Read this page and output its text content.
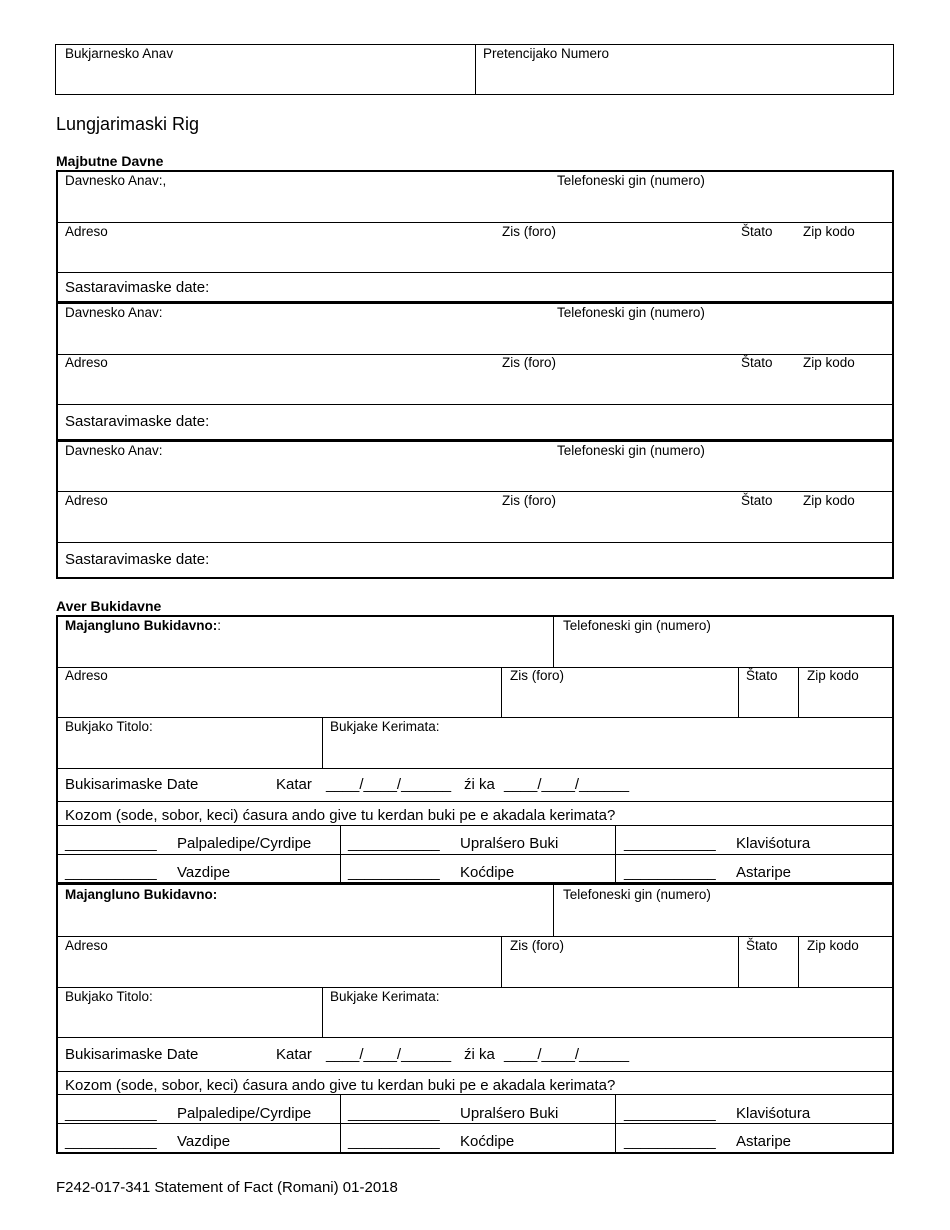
Bukjarnesko Anav	Pretencijako Numero
Lungjarimaski Rig
Majbutne Davne
Davnesko Anav:,	Telefoneski gin (numero)
Adreso	Zis (foro)	Štato Zip kodo
Sastaravimaske date:
Davnesko Anav:	Telefoneski gin (numero)
Adreso	Zis (foro)	Štato Zip kodo
Sastaravimaske date:
Davnesko Anav:	Telefoneski gin (numero)
Adreso	Zis (foro)	Štato Zip kodo
Sastaravimaske date:
Aver Bukidavne
Majangluno Bukidavno::	Telefoneski gin (numero)
Adreso	Zis (foro)	Štato Zip kodo
Bukjako Titolo:	Bukjake Kerimata:
Bukisarimaske Date	Katar ____/____/______ źi ka ____/____/______
Kozom (sode, sobor, keci) ćasura ando give tu kerdan buki pe e akadala kerimata?
___________ Palpaledipe/Cyrdipe ___________ Upralśero Buki	___________ Klaviśotura
___________ Vazdipe	___________ Koćdipe	___________ Astaripe
Majangluno Bukidavno:	Telefoneski gin (numero)
Adreso	Zis (foro)	Štato Zip kodo
Bukjako Titolo:	Bukjake Kerimata:
Bukisarimaske Date	Katar ____/____/______ źi ka ____/____/______
Kozom (sode, sobor, keci) ćasura ando give tu kerdan buki pe e akadala kerimata?
___________ Palpaledipe/Cyrdipe ___________ Upralśero Buki	___________ Klaviśotura
___________ Vazdipe	___________ Koćdipe	___________ Astaripe
F242-017-341 Statement of Fact (Romani) 01-2018
